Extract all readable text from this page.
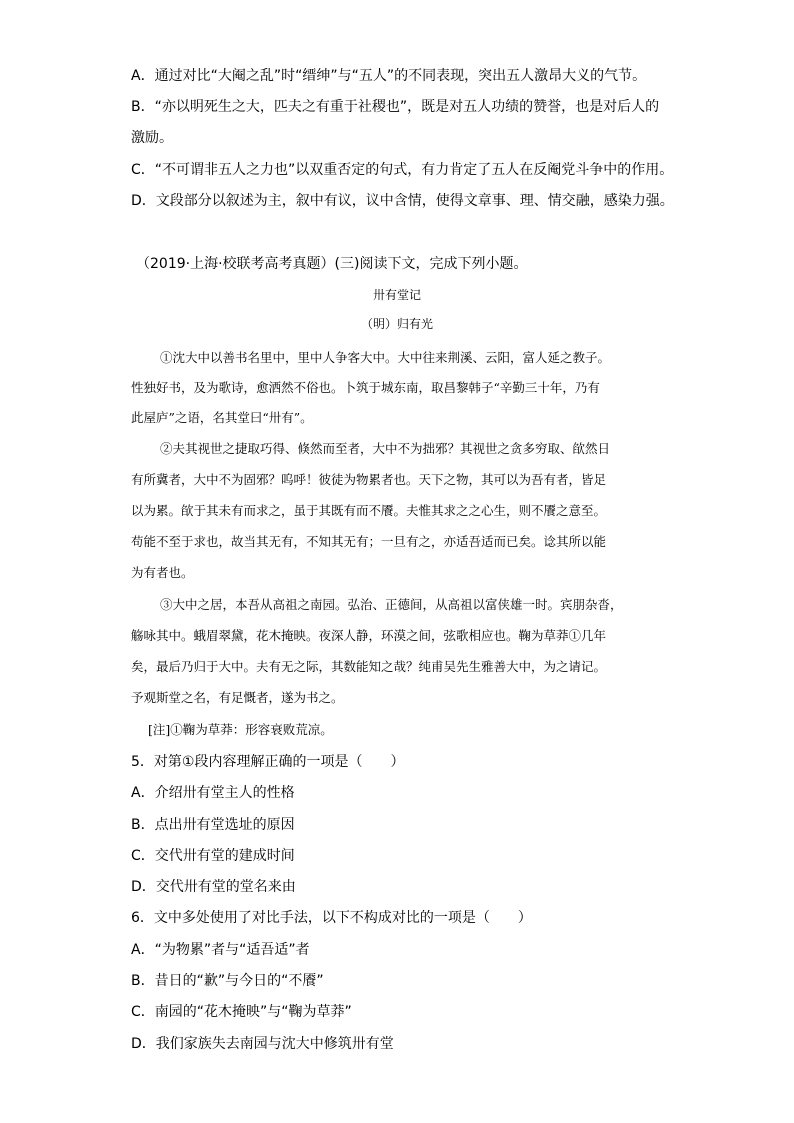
A．通过对比“大阉之乱”时“缙绅”与“五人”的不同表现，突出五人激昂大义的气节。
B．“亦以明死生之大，匹夫之有重于社稷也”，既是对五人功绩的赞誉，也是对后人的
激励。
C．“不可谓非五人之力也”以双重否定的句式，有力肯定了五人在反阉党斗争中的作用。
D．文段部分以叙述为主，叙中有议，议中含情，使得文章事、理、情交融，感染力强。
（2019·上海·校联考高考真题）(三)阅读下文，完成下列小题。
卅有堂记
（明）归有光
①沈大中以善书名里中，里中人争客大中。大中往来荆溪、云阳，富人延之教子。
性独好书，及为歌诗，愈洒然不俗也。卜筑于城东南，取昌黎韩子“辛勤三十年，乃有
此屋庐”之语，名其堂曰“卅有”。
②夫其视世之捷取巧得、倏然而至者，大中不为拙邪？其视世之贪多穷取、欿然日
有所冀者，大中不为固邪？呜呼！彼徒为物累者也。天下之物，其可以为吾有者，皆足
以为累。欿于其未有而求之，虽于其既有而不餍。夫惟其求之之心生，则不餍之意至。
苟能不至于求也，故当其无有，不知其无有；一旦有之，亦适吾适而已矣。谂其所以能
为有者也。
③大中之居，本吾从高祖之南园。弘治、正德间，从高祖以富侠雄一时。宾朋杂沓，
觞咏其中。蛾眉翠黛，花木掩映。夜深人静，环漠之间，弦歌相应也。鞠为草莽①几年
矣，最后乃归于大中。夫有无之际，其数能知之哉？纯甫吴先生雅善大中，为之请记。
予观斯堂之名，有足慨者，遂为书之。
[注]①鞠为草莽：形容衰败荒凉。
5．对第①段内容理解正确的一项是（　　）
A．介绍卅有堂主人的性格
B．点出卅有堂选址的原因
C．交代卅有堂的建成时间
D．交代卅有堂的堂名来由
6．文中多处使用了对比手法，以下不构成对比的一项是（　　）
A．“为物累”者与“适吾适”者
B．昔日的“歉”与今日的“不餍”
C．南园的“花木掩映”与“鞠为草莽”
D．我们家族失去南园与沈大中修筑卅有堂
